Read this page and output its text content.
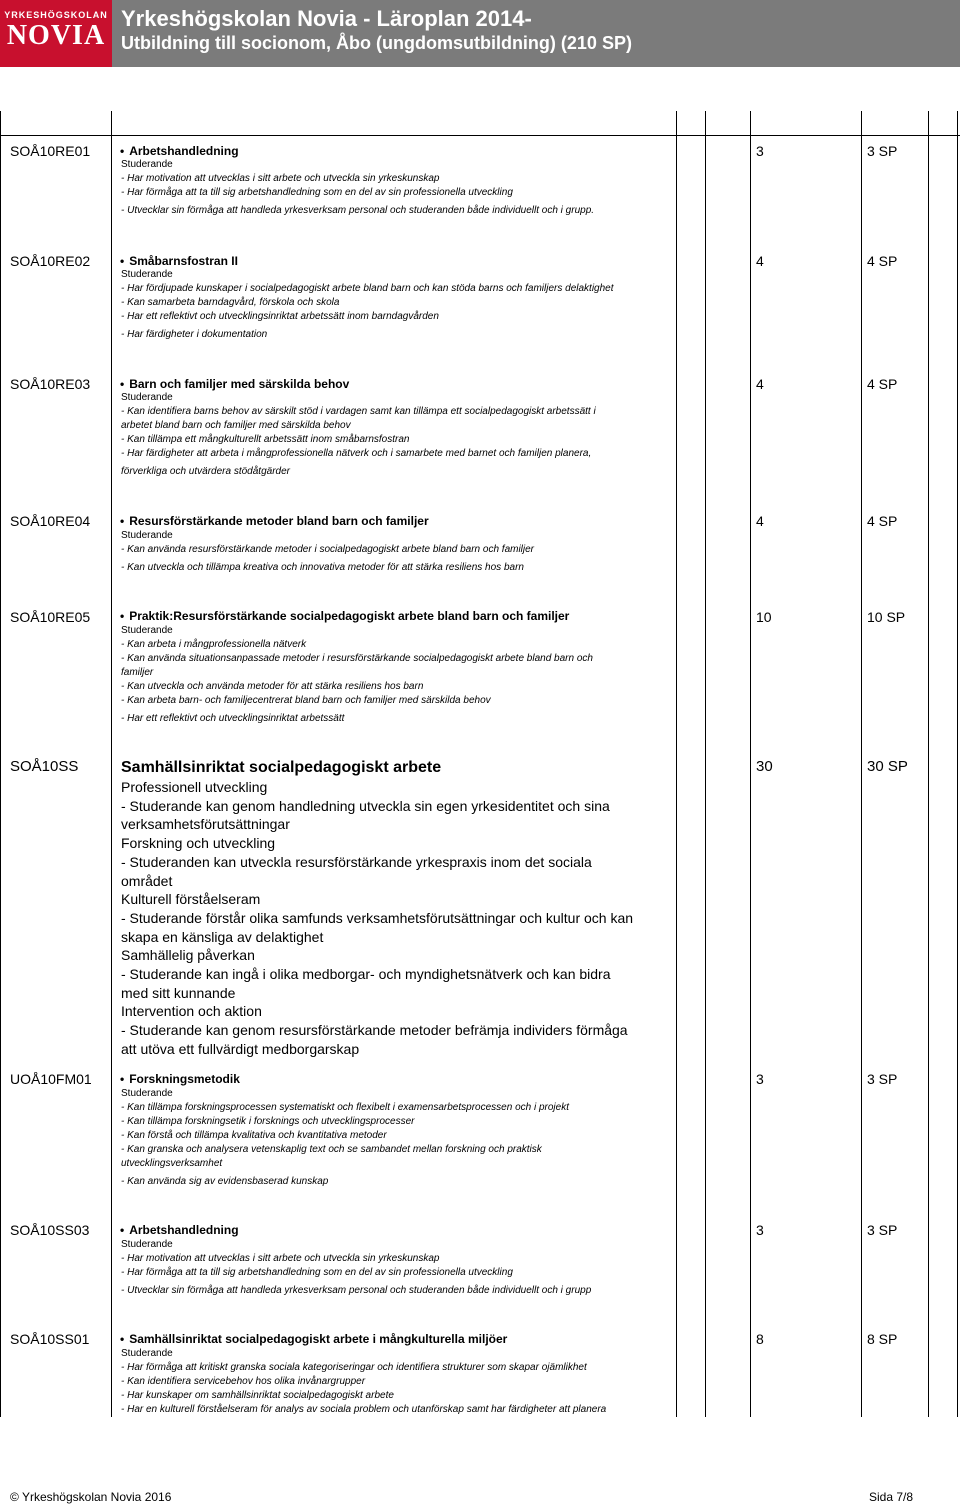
YRKESHÖGSKOLAN
NOVIA
Yrkeshögskolan Novia - Läroplan 2014-
Utbildning till socionom, Åbo (ungdomsutbildning) (210 SP)
SOÅ10RE01	• Arbetshandledning
Studerande
- Har motivation att utvecklas i sitt arbete och utveckla sin yrkeskunskap
- Har förmåga att ta till sig arbetshandledning som en del av sin professionella utveckling
- Utvecklar sin förmåga att handleda yrkesverksam personal och studeranden både individuellt och i grupp.
3	3 SP
SOÅ10RE02	• Småbarnsfostran II
Studerande
- Har fördjupade kunskaper i socialpedagogiskt arbete bland barn och kan stöda barns och familjers delaktighet
- Kan samarbeta barndagvård, förskola och skola
- Har ett reflektivt och utvecklingsinriktat arbetssätt inom barndagvården
- Har färdigheter i dokumentation
4	4 SP
SOÅ10RE03	• Barn och familjer med särskilda behov
Studerande
- Kan identifiera barns behov av särskilt stöd i vardagen samt kan tillämpa ett socialpedagogiskt arbetssätt i
arbetet bland barn och familjer med särskilda behov
- Kan tillämpa ett mångkulturellt arbetssätt inom småbarnsfostran
- Har färdigheter att arbeta i mångprofessionella nätverk och i samarbete med barnet och familjen planera,
förverkliga och utvärdera stödåtgärder
4	4 SP
SOÅ10RE04	• Resursförstärkande metoder bland barn och familjer
Studerande
- Kan använda resursförstärkande metoder i socialpedagogiskt arbete bland barn och familjer
- Kan utveckla och tillämpa kreativa och innovativa metoder för att stärka resiliens hos barn
4	4 SP
SOÅ10RE05	• Praktik:Resursförstärkande socialpedagogiskt arbete bland barn och familjer
Studerande
- Kan arbeta i mångprofessionella nätverk
- Kan använda situationsanpassade metoder i resursförstärkande socialpedagogiskt arbete bland barn och
familjer
- Kan utveckla och använda metoder för att stärka resiliens hos barn
- Kan arbeta barn- och familjecentrerat bland barn och familjer med särskilda behov
- Har ett reflektivt och utvecklingsinriktat arbetssätt
10	10 SP
SOÅ10SS	Samhällsinriktat socialpedagogiskt arbete
Professionell utveckling
- Studerande kan genom handledning utveckla sin egen yrkesidentitet och sina
verksamhetsförutsättningar
Forskning och utveckling
- Studeranden kan utveckla resursförstärkande yrkespraxis inom det sociala
området
Kulturell förståelseram
- Studerande förstår olika samfunds verksamhetsförutsättningar och kultur och kan
skapa en känsliga av delaktighet
Samhällelig påverkan
- Studerande kan ingå i olika medborgar- och myndighetsnätverk och kan bidra
med sitt kunnande
Intervention och aktion
- Studerande kan genom resursförstärkande metoder befrämja individers förmåga
att utöva ett fullvärdigt medborgarskap
30	30 SP
UOÅ10FM01	• Forskningsmetodik
Studerande
- Kan tillämpa forskningsprocessen systematiskt och flexibelt i examensarbetsprocessen och i projekt
- Kan tillämpa forskningsetik i forsknings och utvecklingsprocesser
- Kan förstå och tillämpa kvalitativa och kvantitativa metoder
- Kan granska och analysera vetenskaplig text och se sambandet mellan forskning och praktisk
utvecklingsverksamhet
- Kan använda sig av evidensbaserad kunskap
3	3 SP
SOÅ10SS03	• Arbetshandledning
Studerande
- Har motivation att utvecklas i sitt arbete och utveckla sin yrkeskunskap
- Har förmåga att ta till sig arbetshandledning som en del av sin professionella utveckling
- Utvecklar sin förmåga att handleda yrkesverksam personal och studeranden både individuellt och i grupp
3	3 SP
SOÅ10SS01	• Samhällsinriktat socialpedagogiskt arbete i mångkulturella miljöer
Studerande
- Har förmåga att kritiskt granska sociala kategoriseringar och identifiera strukturer som skapar ojämlikhet
- Kan identifiera servicebehov hos olika invånargrupper
- Har kunskaper om samhällsinriktat socialpedagogiskt arbete
- Har en kulturell förståelseram för analys av sociala problem och utanförskap samt har färdigheter att planera
8	8 SP
© Yrkeshögskolan Novia 2016	Sida 7/8
